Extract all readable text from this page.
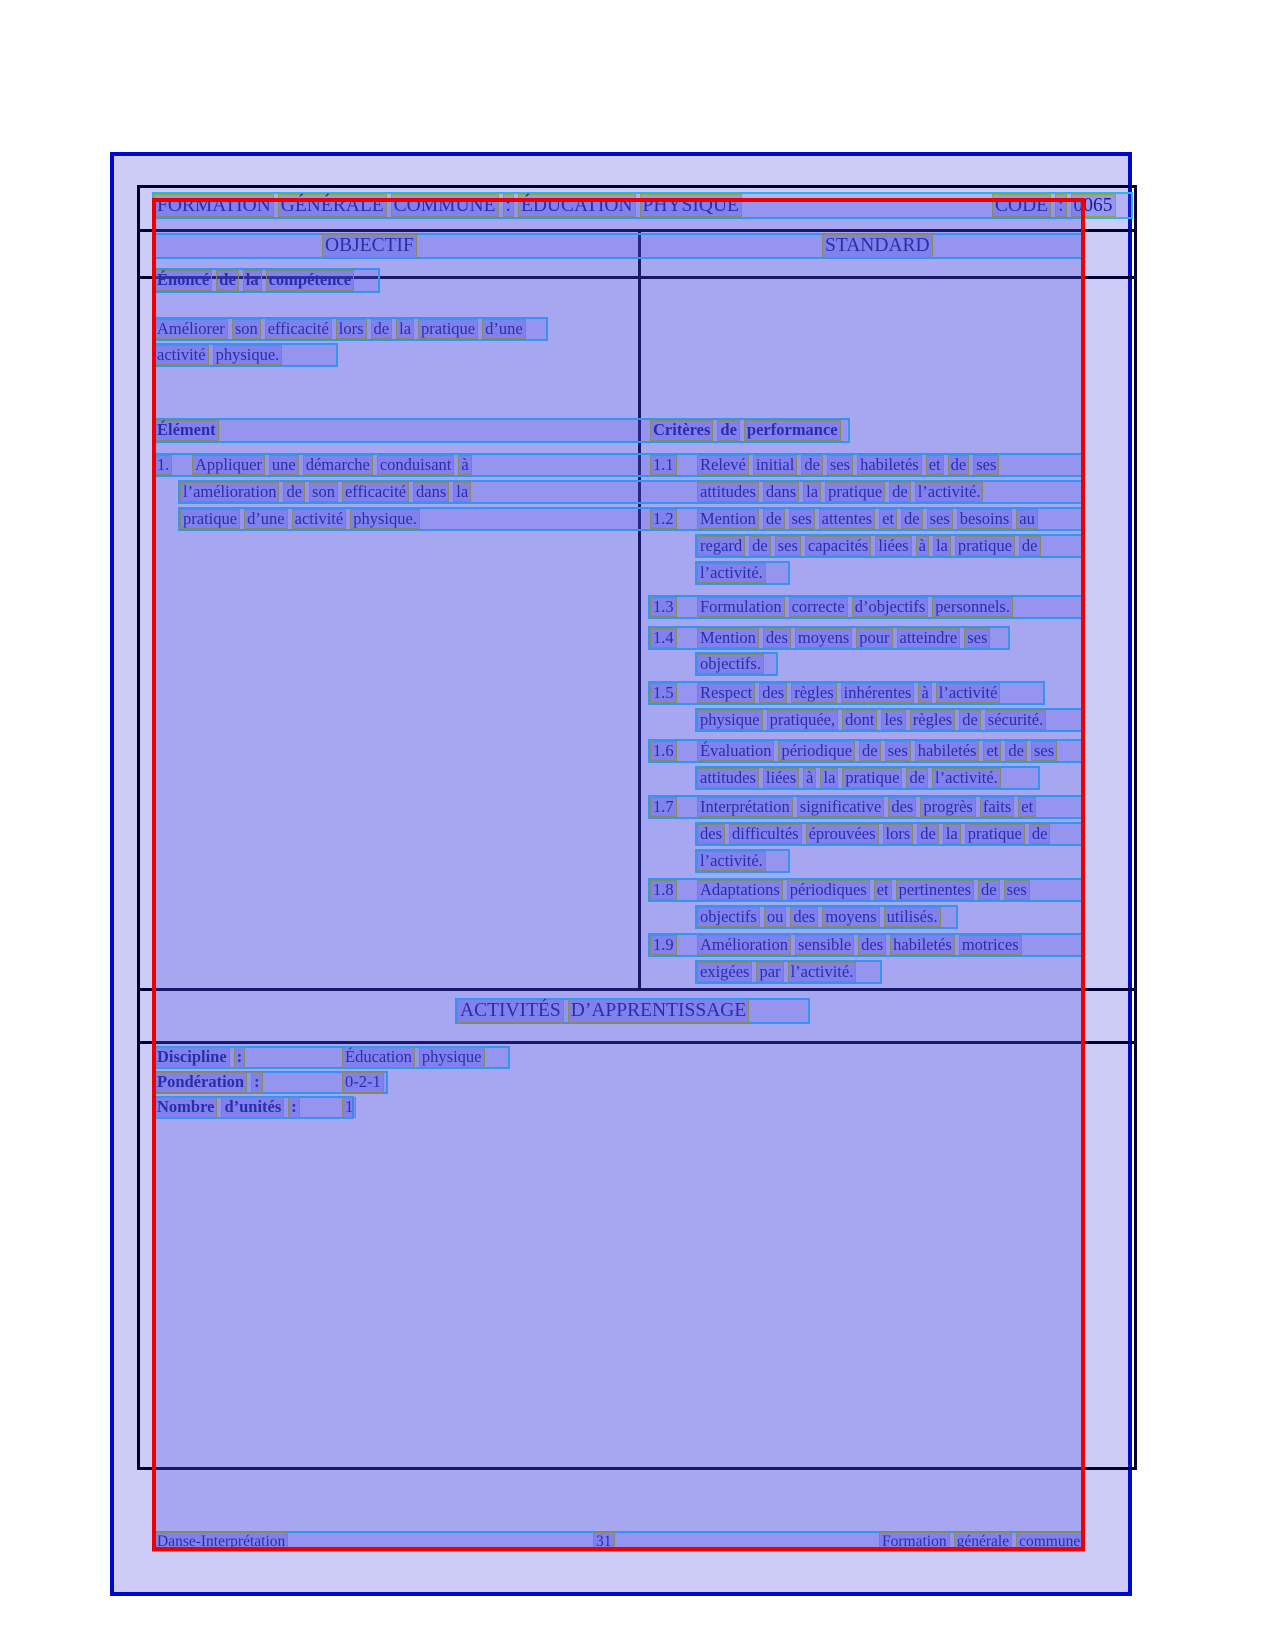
FORMATION GÉNÉRALE COMMUNE : ÉDUCATION PHYSIQUE	CODE : 0065
OBJECTIF	STANDARD
Énoncé de la compétence
Améliorer son efficacité lors de la pratique d’une
activité physique.
Élément	Critères de performance
1. Appliquer une démarche conduisant à	1.1 Relevé initial de ses habiletés et de ses
l’amélioration de son efficacité dans la	attitudes dans la pratique de l’activité.
pratique d’une activité physique.	1.2 Mention de ses attentes et de ses besoins au
regard de ses capacités liées à la pratique de
l’activité.
1.3 Formulation correcte d’objectifs personnels.
1.4 Mention des moyens pour atteindre ses
objectifs.
1.5 Respect des règles inhérentes à l’activité
physique pratiquée, dont les règles de sécurité.
1.6 Évaluation périodique de ses habiletés et de ses
attitudes liées à la pratique de l’activité.
1.7 Interprétation significative des progrès faits et
des difficultés éprouvées lors de la pratique de
l’activité.
1.8 Adaptations périodiques et pertinentes de ses
objectifs ou des moyens utilisés.
1.9 Amélioration sensible des habiletés motrices
exigées par l’activité.
ACTIVITÉS D’APPRENTISSAGE
Discipline :	Éducation physique
Pondération :	0-2-1
Nombre d’unités :	1
Danse-Interprétation	31	Formation générale commune
